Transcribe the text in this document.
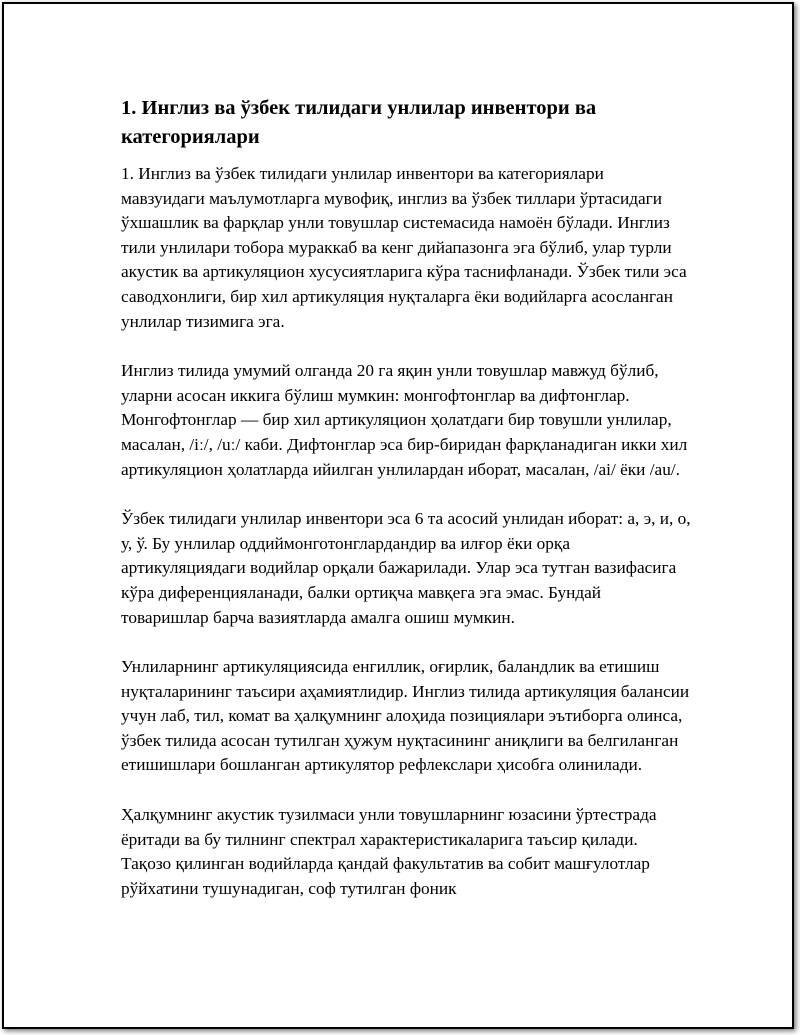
1. Инглиз ва ўзбек тилидаги унлилар инвентори ва категориялари

1. Инглиз ва ўзбек тилидаги унлилар инвентори ва категориялари мавзуидаги маълумотларга мувофиқ, инглиз ва ўзбек тиллари ўртасидаги ўхшашлик ва фарқлар унли товушлар системасида намоён бўлади. Инглиз тили унлилари тобора мураккаб ва кенг дийапазонга эга бўлиб, улар турли акустик ва артикуляцион хусусиятларига кўра таснифланади. Ўзбек тили эса саводхонлиги, бир хил артикуляция нуқталарга ёки водийларга асосланган унлилар тизимига эга.

Инглиз тилида умумий олганда 20 га яқин унли товушлар мавжуд бўлиб, уларни асосан иккига бўлиш мумкин: монгофтонглар ва дифтонглар. Монгофтонглар — бир хил артикуляцион ҳолатдаги бир товушли унлилар, масалан, /iː/, /uː/ каби. Дифтонглар эса бир-биридан фарқланадиган икки хил артикуляцион ҳолатларда ийилган унлилардан иборат, масалан, /ai/ ёки /au/.

Ўзбек тилидаги унлилар инвентори эса 6 та асосий унлидан иборат: а, э, и, о, у, ў. Бу унлилар оддиймонготонглардандир ва илғор ёки орқа артикуляциядаги водийлар орқали бажарилади. Улар эса тутган вазифасига кўра диференцияланади, балки ортиқча мавқега эга эмас. Бундай товаришлар барча вазиятларда амалга ошиш мумкин.

Унлиларнинг артикуляциясида енгиллик, оғирлик, баландлик ва етишиш нуқталарининг таъсири аҳамиятлидир. Инглиз тилида артикуляция балансии учун лаб, тил, комат ва ҳалқумнинг алоҳида позициялари эътиборга олинса, ўзбек тилида асосан тутилган ҳужум нуқтасининг аниқлиги ва белгиланган етишишлари бошланган артикулятор рефлекслари ҳисобга олинилади.

Ҳалқумнинг акустик тузилмаси унли товушларнинг юзасини ўртестрада ёритади ва бу тилнинг спектрал характеристикаларига таъсир қилади. Тақозо қилинган водийларда қандай факультатив ва собит машғулотлар рўйхатини тушунадиган, соф тутилган фоник
